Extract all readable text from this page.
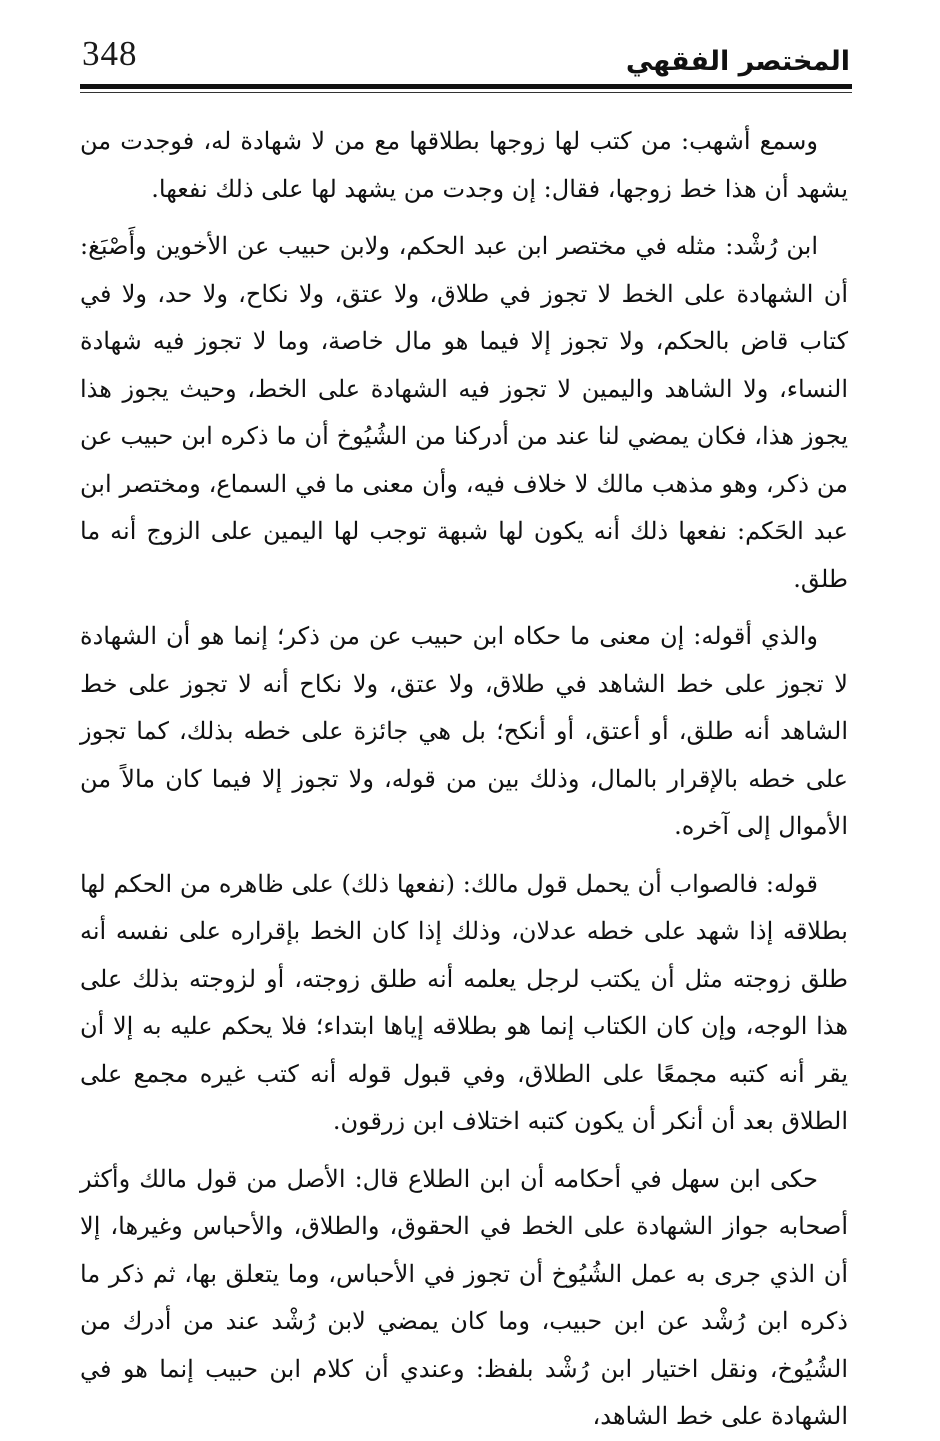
348	المختصر الفقهي

وسمع أشهب: من كتب لها زوجها بطلاقها مع من لا شهادة له، فوجدت من يشهد أن هذا خط زوجها، فقال: إن وجدت من يشهد لها على ذلك نفعها.

ابن رُشْد: مثله في مختصر ابن عبد الحكم، ولابن حبيب عن الأخوين وأَصْبَغ: أن الشهادة على الخط لا تجوز في طلاق، ولا عتق، ولا نكاح، ولا حد، ولا في كتاب قاض بالحكم، ولا تجوز إلا فيما هو مال خاصة، وما لا تجوز فيه شهادة النساء، ولا الشاهد واليمين لا تجوز فيه الشهادة على الخط، وحيث يجوز هذا يجوز هذا، فكان يمضي لنا عند من أدركنا من الشُيُوخ أن ما ذكره ابن حبيب عن من ذكر، وهو مذهب مالك لا خلاف فيه، وأن معنى ما في السماع، ومختصر ابن عبد الحَكم: نفعها ذلك أنه يكون لها شبهة توجب لها اليمين على الزوج أنه ما طلق.

والذي أقوله: إن معنى ما حكاه ابن حبيب عن من ذكر؛ إنما هو أن الشهادة لا تجوز على خط الشاهد في طلاق، ولا عتق، ولا نكاح أنه لا تجوز على خط الشاهد أنه طلق، أو أعتق، أو أنكح؛ بل هي جائزة على خطه بذلك، كما تجوز على خطه بالإقرار بالمال، وذلك بين من قوله، ولا تجوز إلا فيما كان مالاً من الأموال إلى آخره.

قوله: فالصواب أن يحمل قول مالك: (نفعها ذلك) على ظاهره من الحكم لها بطلاقه إذا شهد على خطه عدلان، وذلك إذا كان الخط بإقراره على نفسه أنه طلق زوجته مثل أن يكتب لرجل يعلمه أنه طلق زوجته، أو لزوجته بذلك على هذا الوجه، وإن كان الكتاب إنما هو بطلاقه إياها ابتداء؛ فلا يحكم عليه به إلا أن يقر أنه كتبه مجمعًا على الطلاق، وفي قبول قوله أنه كتب غيره مجمع على الطلاق بعد أن أنكر أن يكون كتبه اختلاف ابن زرقون.

حكى ابن سهل في أحكامه أن ابن الطلاع قال: الأصل من قول مالك وأكثر أصحابه جواز الشهادة على الخط في الحقوق، والطلاق، والأحباس وغيرها، إلا أن الذي جرى به عمل الشُيُوخ أن تجوز في الأحباس، وما يتعلق بها، ثم ذكر ما ذكره ابن رُشْد عن ابن حبيب، وما كان يمضي لابن رُشْد عند من أدرك من الشُيُوخ، ونقل اختيار ابن رُشْد بلفظ: وعندي أن كلام ابن حبيب إنما هو في الشهادة على خط الشاهد،
